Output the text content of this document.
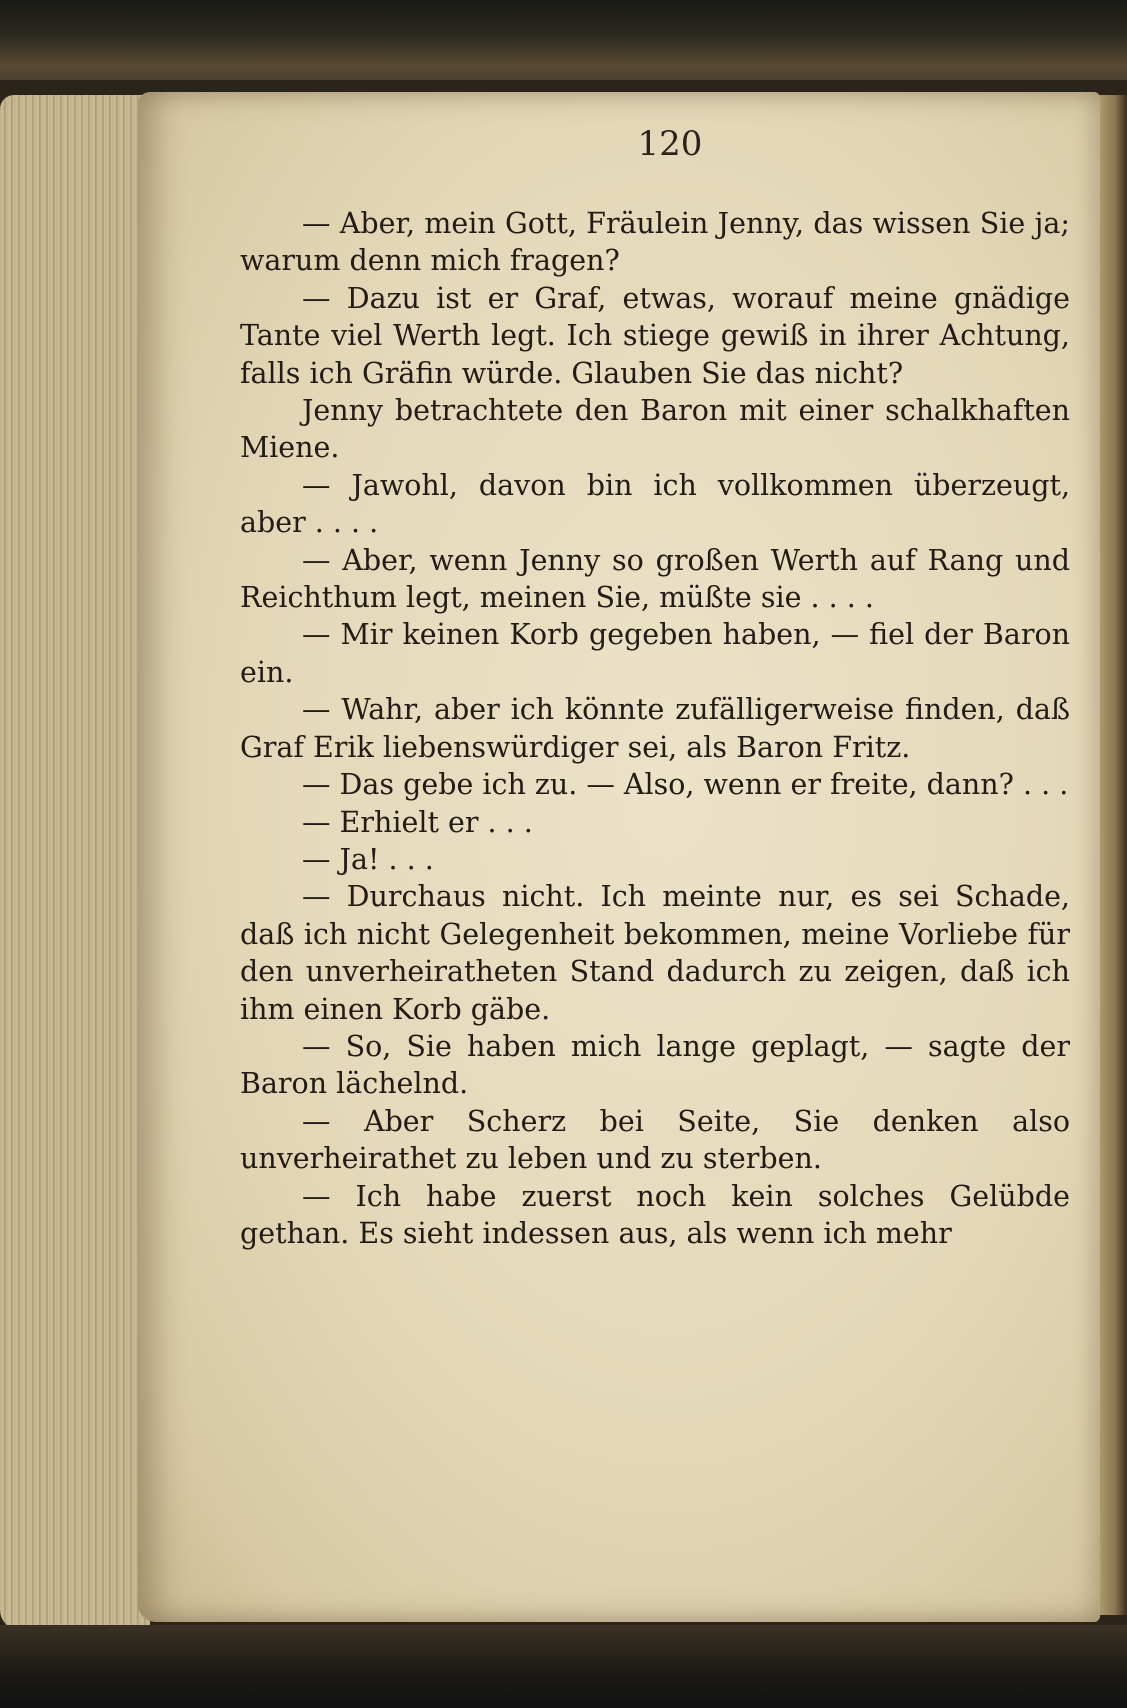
120

— Aber, mein Gott, Fräulein Jenny, das wissen Sie ja; warum denn mich fragen?

— Dazu ist er Graf, etwas, worauf meine gnädige Tante viel Werth legt. Ich stiege gewiß in ihrer Achtung, falls ich Gräfin würde. Glauben Sie das nicht?

Jenny betrachtete den Baron mit einer schalkhaften Miene.

— Jawohl, davon bin ich vollkommen überzeugt, aber . . . .

— Aber, wenn Jenny so großen Werth auf Rang und Reichthum legt, meinen Sie, müßte sie . . . .

— Mir keinen Korb gegeben haben, — fiel der Baron ein.

— Wahr, aber ich könnte zufälligerweise finden, daß Graf Erik liebenswürdiger sei, als Baron Fritz.

— Das gebe ich zu. — Also, wenn er freite, dann? . . .

— Erhielt er . . .

— Ja! . . .

— Durchaus nicht. Ich meinte nur, es sei Schade, daß ich nicht Gelegenheit bekommen, meine Vorliebe für den unverheiratheten Stand dadurch zu zeigen, daß ich ihm einen Korb gäbe.

— So, Sie haben mich lange geplagt, — sagte der Baron lächelnd.

— Aber Scherz bei Seite, Sie denken also unverheirathet zu leben und zu sterben.

— Ich habe zuerst noch kein solches Gelübde gethan. Es sieht indessen aus, als wenn ich mehr
